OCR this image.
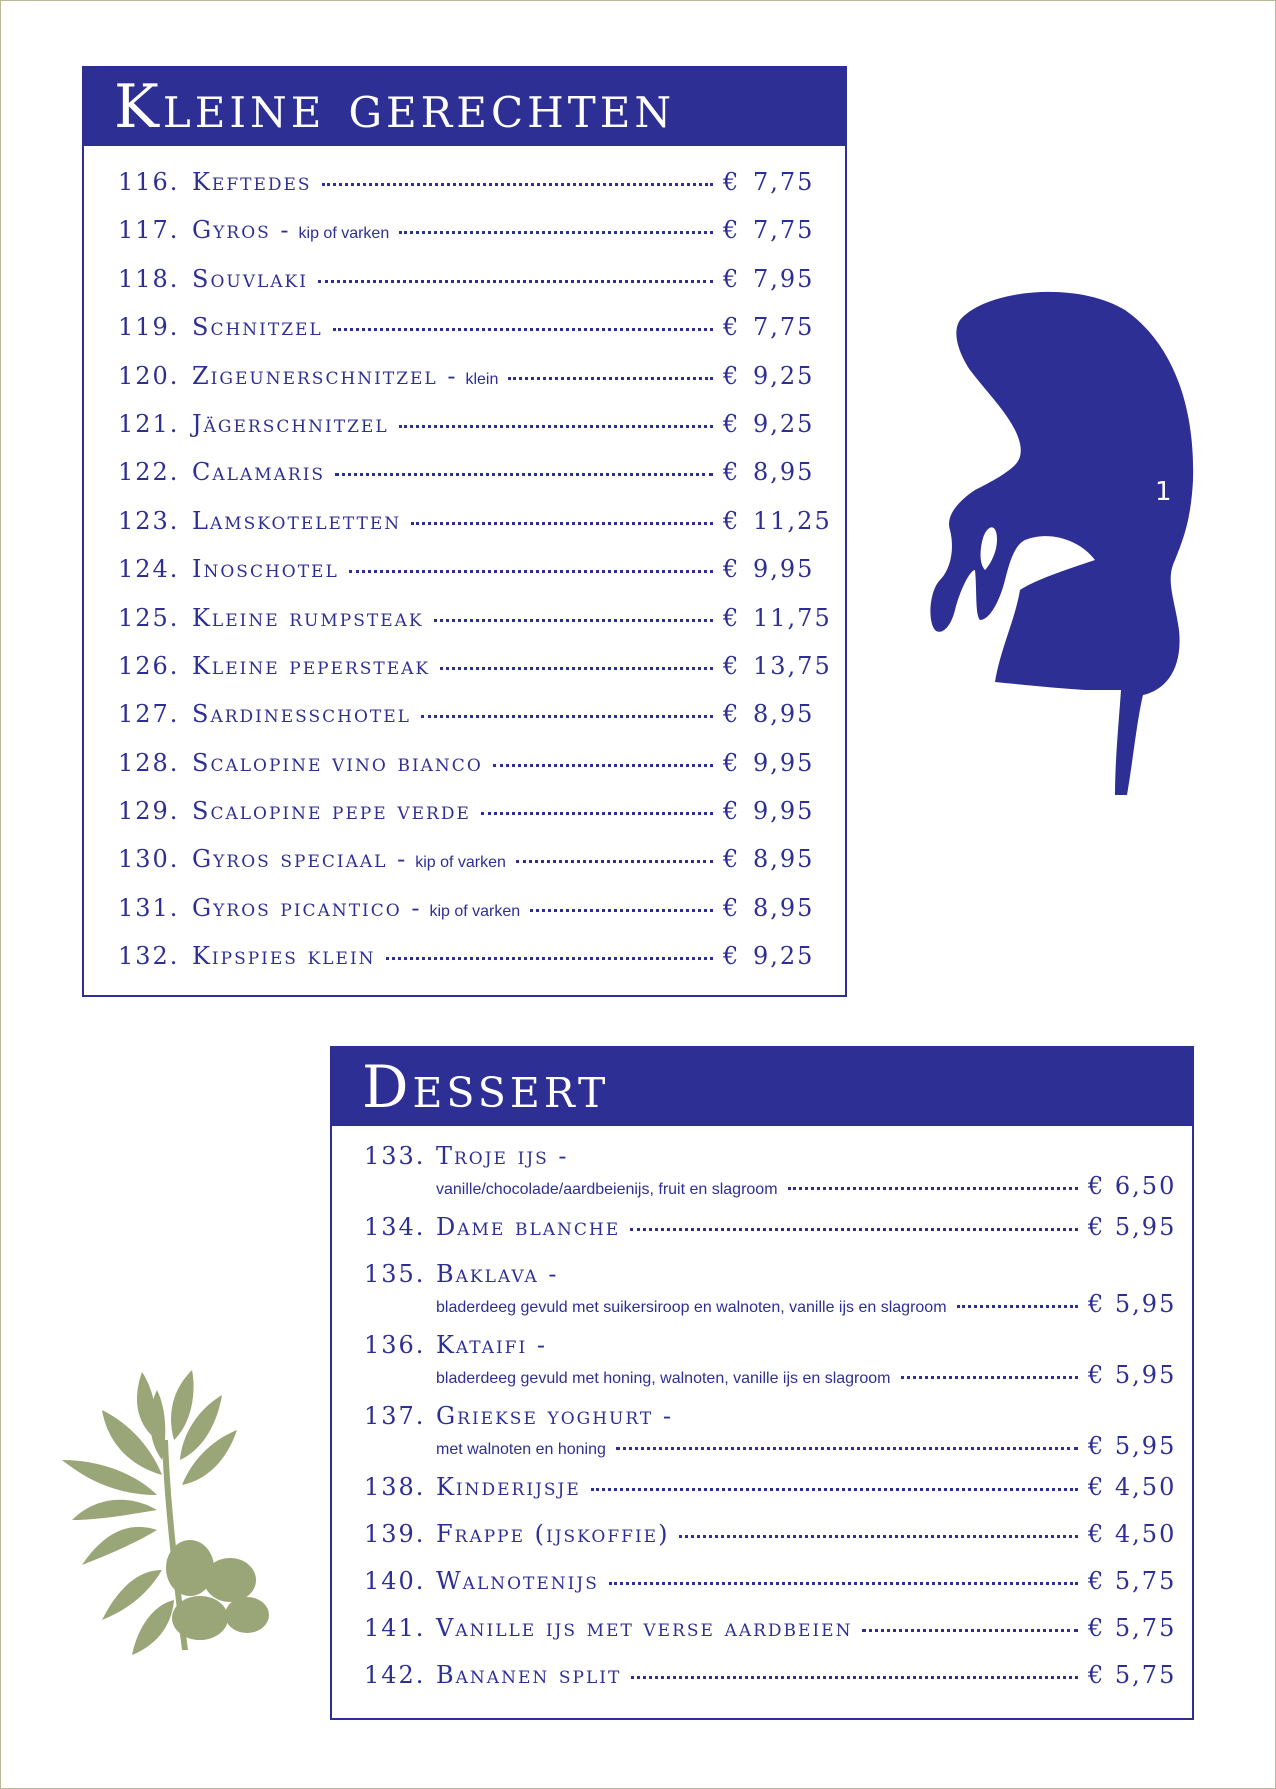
Kleine gerechten
116. Keftedes	€ 7,75
117. Gyros - kip of varken	€ 7,75
118. Souvlaki	€ 7,95
119. Schnitzel	€ 7,75
120. Zigeunerschnitzel - klein	€ 9,25
121. Jägerschnitzel	€ 9,25
122. Calamaris	€ 8,95
123. Lamskoteletten	€ 11,25
124. Inoschotel	€ 9,95
125. Kleine rumpsteak	€ 11,75
126. Kleine pepersteak	€ 13,75
127. Sardinesschotel	€ 8,95
128. Scalopine vino bianco	€ 9,95
129. Scalopine pepe verde	€ 9,95
130. Gyros speciaal - kip of varken	€ 8,95
131. Gyros picantico - kip of varken	€ 8,95
132. Kipspies klein	€ 9,25
Dessert
133. Troje ijs -
vanille/chocolade/aardbeienijs, fruit en slagroom	€ 6,50
134. Dame blanche	€ 5,95
135. Baklava -
bladerdeeg gevuld met suikersiroop en walnoten, vanille ijs en slagroom	€ 5,95
136. Kataifi -
bladerdeeg gevuld met honing, walnoten, vanille ijs en slagroom	€ 5,95
137. Griekse yoghurt -
met walnoten en honing	€ 5,95
138. Kinderijsje	€ 4,50
139. Frappe (ijskoffie)	€ 4,50
140. Walnotenijs	€ 5,75
141. Vanille ijs met verse aardbeien	€ 5,75
142. Bananen split	€ 5,75
1
